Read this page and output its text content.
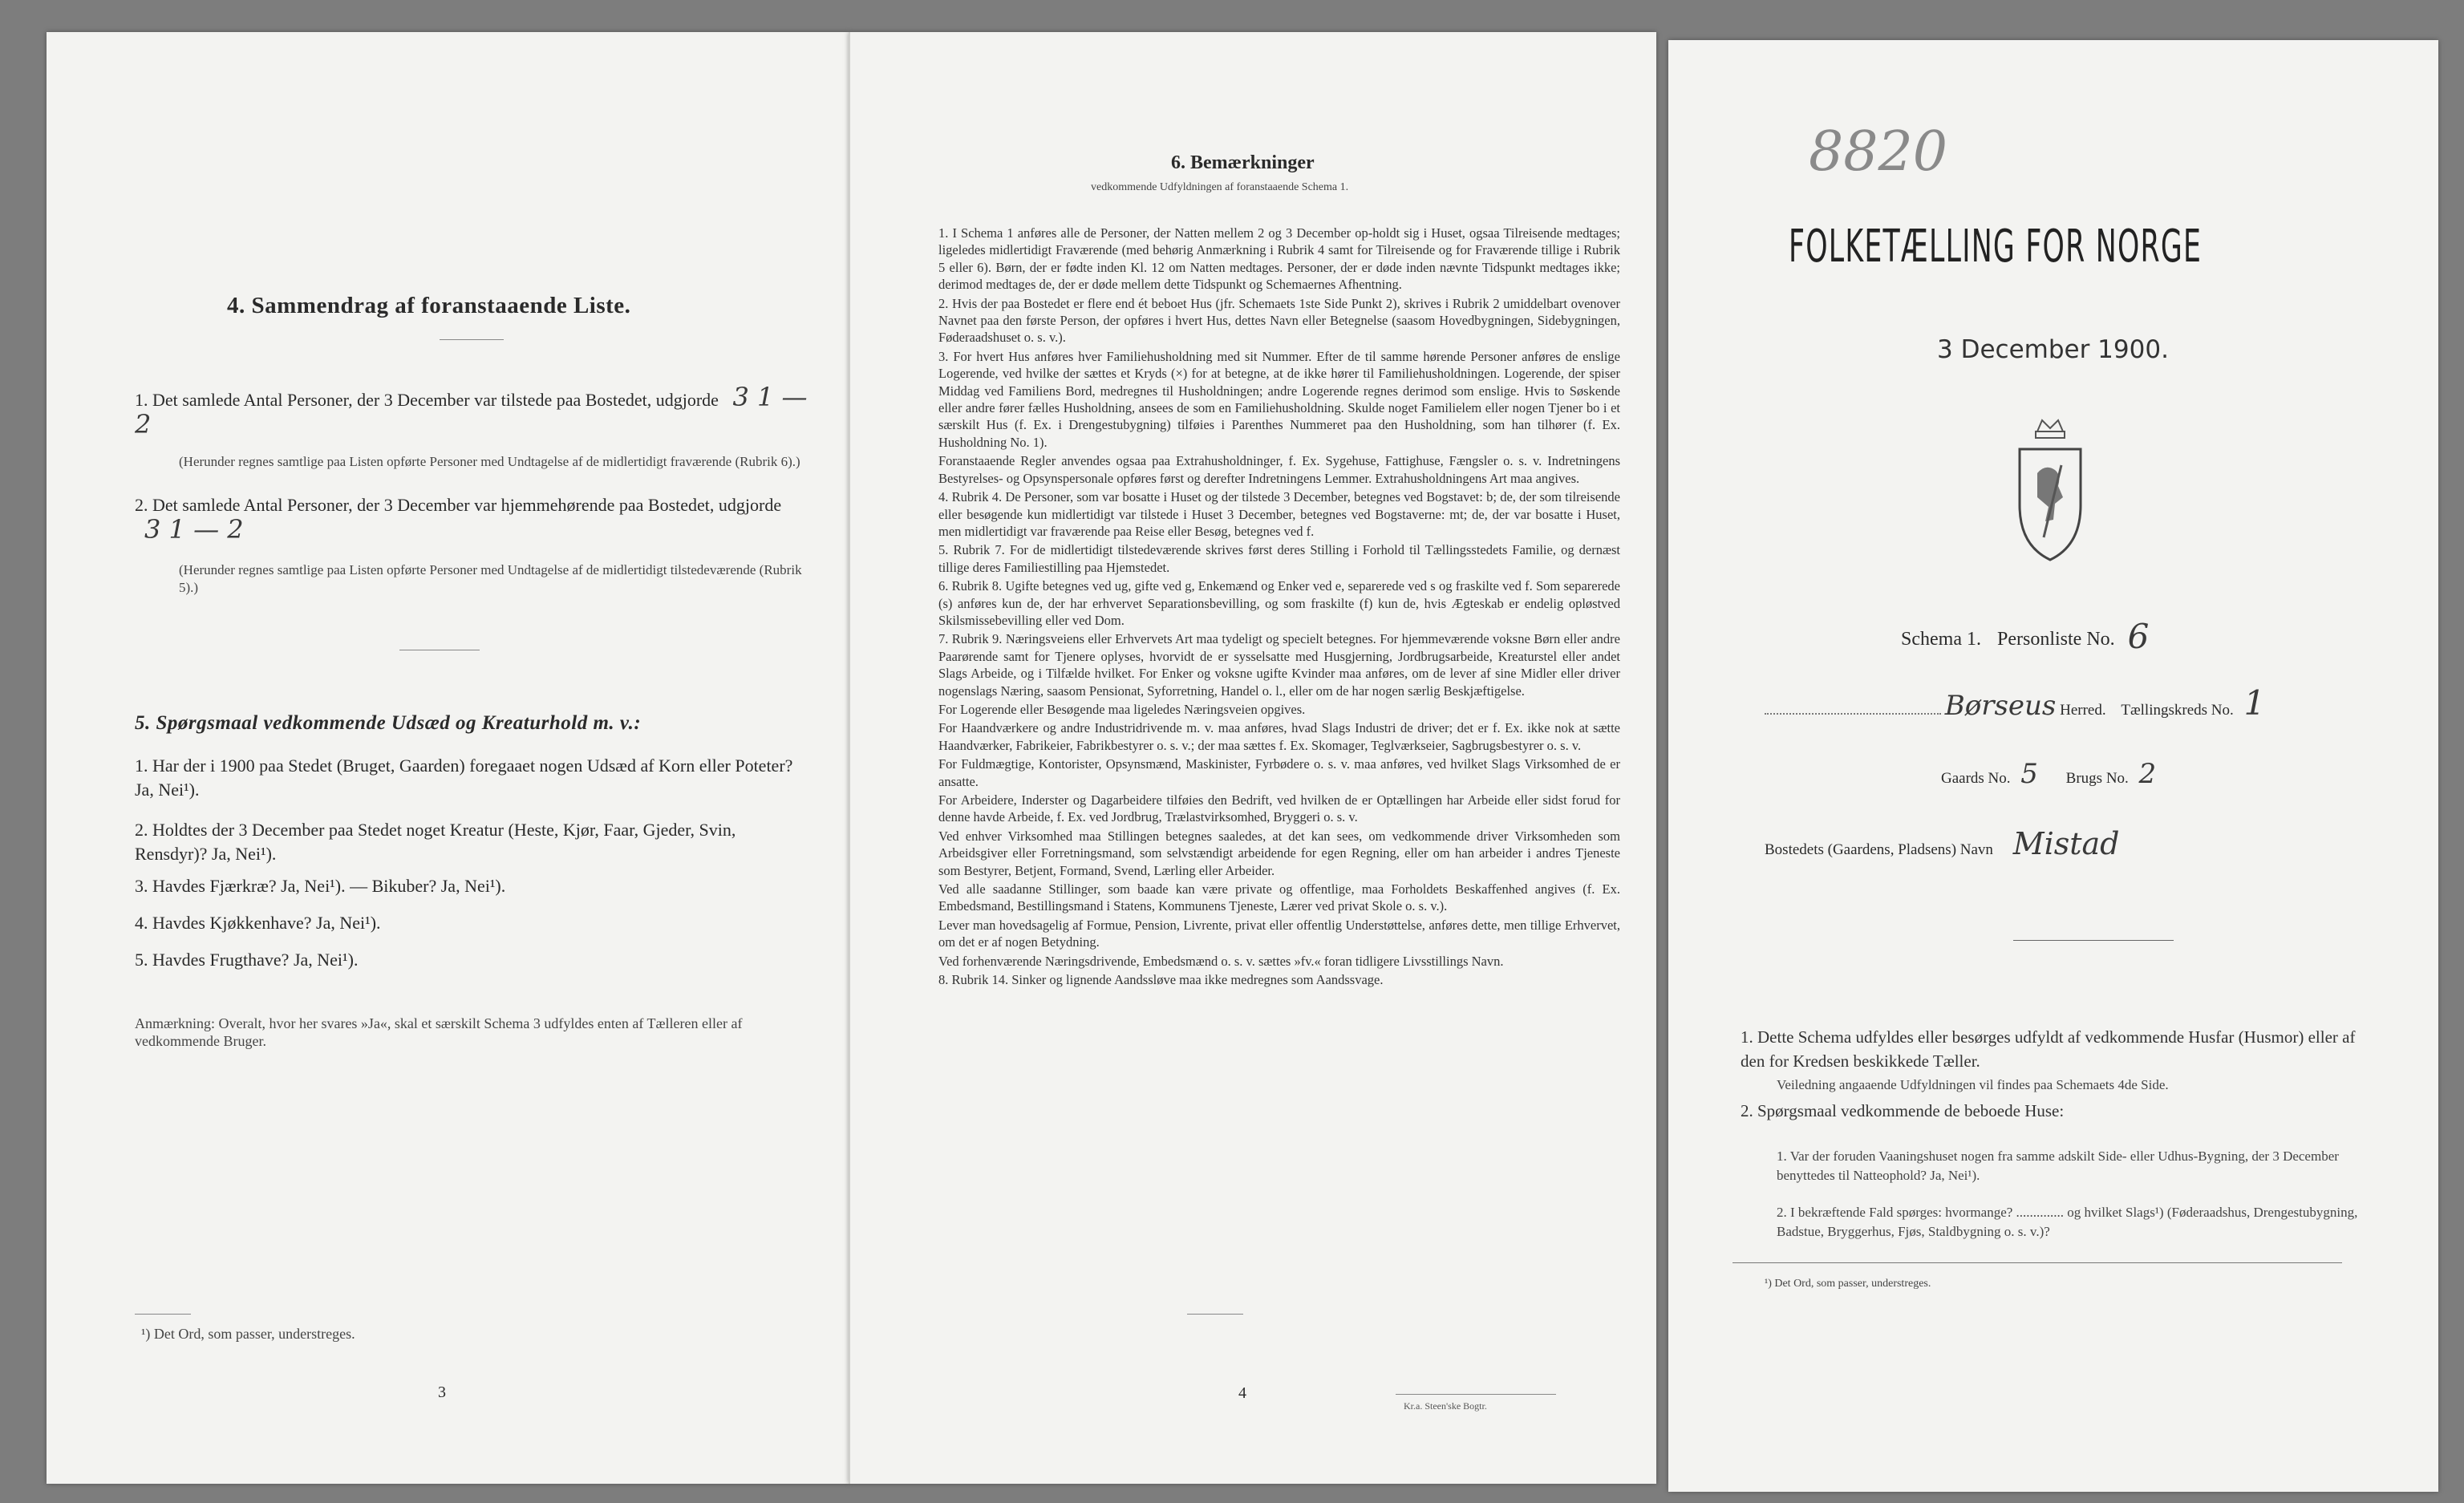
4. Sammendrag af foranstaaende Liste.
1. Det samlede Antal Personer, der 3 December var tilstede paa Bostedet, udgjorde 3 1 — 2
(Herunder regnes samtlige paa Listen opførte Personer med Undtagelse af de midlertidigt fraværende (Rubrik 6).)
2. Det samlede Antal Personer, der 3 December var hjemmehørende paa Bostedet, udgjorde 3 1 — 2
(Herunder regnes samtlige paa Listen opførte Personer med Undtagelse af de midlertidigt tilstedeværende (Rubrik 5).)
5. Spørgsmaal vedkommende Udsæd og Kreaturhold m. v.:
1. Har der i 1900 paa Stedet (Bruget, Gaarden) foregaaet nogen Udsæd af Korn eller Poteter? Ja, Nei¹).
2. Holdtes der 3 December paa Stedet noget Kreatur (Heste, Kjør, Faar, Gjeder, Svin, Rensdyr)? Ja, Nei¹).
3. Havdes Fjærkræ? Ja, Nei¹). — Bikuber? Ja, Nei¹).
4. Havdes Kjøkkenhave? Ja, Nei¹).
5. Havdes Frugthave? Ja, Nei¹).
Anmærkning: Overalt, hvor her svares »Ja«, skal et særskilt Schema 3 udfyldes enten af Tælleren eller af vedkommende Bruger.
¹) Det Ord, som passer, understreges.
3
6. Bemærkninger
vedkommende Udfyldningen af foranstaaende Schema 1.

1. I Schema 1 anføres alle de Personer, der Natten mellem 2 og 3 December op-holdt sig i Huset, ogsaa Tilreisende medtages; ligeledes midlertidigt Fraværende (med behørig Anmærkning i Rubrik 4 samt for Tilreisende og for Fraværende tillige i Rubrik 5 eller 6). Børn, der er fødte inden Kl. 12 om Natten medtages. Personer, der er døde inden nævnte Tidspunkt medtages ikke; derimod medtages de, der er døde mellem dette Tidspunkt og Schemaernes Afhentning.

2. Hvis der paa Bostedet er flere end ét beboet Hus (jfr. Schemaets 1ste Side Punkt 2), skrives i Rubrik 2 umiddelbart ovenover Navnet paa den første Person, der opføres i hvert Hus, dettes Navn eller Betegnelse (saasom Hovedbygningen, Sidebygningen, Føderaadshuset o. s. v.).

3. For hvert Hus anføres hver Familiehusholdning med sit Nummer. Efter de til samme hørende Personer anføres de enslige Logerende, ved hvilke der sættes et Kryds (×) for at betegne, at de ikke hører til Familiehusholdningen. Logerende, der spiser Middag ved Familiens Bord, medregnes til Husholdningen; andre Logerende regnes derimod som enslige. Hvis to Søskende eller andre fører fælles Husholdning, ansees de som en Familiehusholdning. Skulde noget Familielem eller nogen Tjener bo i et særskilt Hus (f. Ex. i Drengestubygning) tilføies i Parenthes Nummeret paa den Husholdning, som han tilhører (f. Ex. Husholdning No. 1).

Foranstaaende Regler anvendes ogsaa paa Extrahusholdninger, f. Ex. Sygehuse, Fattighuse, Fængsler o. s. v. Indretningens Bestyrelses- og Opsynspersonale opføres først og derefter Indretningens Lemmer. Extrahusholdningens Art maa angives.

4. Rubrik 4. De Personer, som var bosatte i Huset og der tilstede 3 December, betegnes ved Bogstavet: b; de, der som tilreisende eller besøgende kun midlertidigt var tilstede i Huset 3 December, betegnes ved Bogstaverne: mt; de, der var bosatte i Huset, men midlertidigt var fraværende paa Reise eller Besøg, betegnes ved f.

5. Rubrik 7. For de midlertidigt tilstedeværende skrives først deres Stilling i Forhold til Tællingsstedets Familie, og dernæst tillige deres Familiestilling paa Hjemstedet.

6. Rubrik 8. Ugifte betegnes ved ug, gifte ved g, Enkemænd og Enker ved e, separerede ved s og fraskilte ved f. Som separerede (s) anføres kun de, der har erhvervet Separationsbevilling, og som fraskilte (f) kun de, hvis Ægteskab er endelig opløstved Skilsmissebevilling eller ved Dom.

7. Rubrik 9. Næringsveiens eller Erhvervets Art maa tydeligt og specielt betegnes. For hjemmeværende voksne Børn eller andre Paarørende samt for Tjenere oplyses, hvorvidt de er sysselsatte med Husgjerning, Jordbrugsarbeide, Kreaturstel eller andet Slags Arbeide, og i Tilfælde hvilket. For Enker og voksne ugifte Kvinder maa anføres, om de lever af sine Midler eller driver nogenslags Næring, saasom Pensionat, Syforretning, Handel o. l., eller om de har nogen særlig Beskjæftigelse.

For Logerende eller Besøgende maa ligeledes Næringsveien opgives.

For Haandværkere og andre Industridrivende m. v. maa anføres, hvad Slags Industri de driver; det er f. Ex. ikke nok at sætte Haandværker, Fabrikeier, Fabrikbestyrer o. s. v.; der maa sættes f. Ex. Skomager, Teglværkseier, Sagbrugsbestyrer o. s. v.

For Fuldmægtige, Kontorister, Opsynsmænd, Maskinister, Fyrbødere o. s. v. maa anføres, ved hvilket Slags Virksomhed de er ansatte.

For Arbeidere, Inderster og Dagarbeidere tilføies den Bedrift, ved hvilken de er Optællingen har Arbeide eller sidst forud for denne havde Arbeide, f. Ex. ved Jordbrug, Trælastvirksomhed, Bryggeri o. s. v.

Ved enhver Virksomhed maa Stillingen betegnes saaledes, at det kan sees, om vedkommende driver Virksomheden som Arbeidsgiver eller Forretningsmand, som selvstændigt arbeidende for egen Regning, eller om han arbeider i andres Tjeneste som Bestyrer, Betjent, Formand, Svend, Lærling eller Arbeider.

Ved alle saadanne Stillinger, som baade kan være private og offentlige, maa Forholdets Beskaffenhed angives (f. Ex. Embedsmand, Bestillingsmand i Statens, Kommunens Tjeneste, Lærer ved privat Skole o. s. v.).

Lever man hovedsagelig af Formue, Pension, Livrente, privat eller offentlig Understøttelse, anføres dette, men tillige Erhvervet, om det er af nogen Betydning.

Ved forhenværende Næringsdrivende, Embedsmænd o. s. v. sættes »fv.« foran tidligere Livsstillings Navn.

8. Rubrik 14. Sinker og lignende Aandssløve maa ikke medregnes som Aandssvage.

4
Kr.a. Steen'ske Bogtr.
8820
FOLKETÆLLING FOR NORGE
3 December 1900.
Schema 1. Personliste No. 6
Børseus Herred. Tællingskreds No. 1
Gaards No. 5 Brugs No. 2
Bostedets (Gaardens, Pladsens) Navn Mistad
1. Dette Schema udfyldes eller besørges udfyldt af vedkommende Husfar (Husmor) eller af den for Kredsen beskikkede Tæller.
Veiledning angaaende Udfyldningen vil findes paa Schemaets 4de Side.
2. Spørgsmaal vedkommende de beboede Huse:
1. Var der foruden Vaaningshuset nogen fra samme adskilt Side- eller Udhus-Bygning, der 3 December benyttedes til Natteophold? Ja, Nei¹).
2. I bekræftende Fald spørges: hvormange? .............. og hvilket Slags¹) (Føderaadshus, Drengestubygning, Badstue, Bryggerhus, Fjøs, Staldbygning o. s. v.)?
¹) Det Ord, som passer, understreges.
